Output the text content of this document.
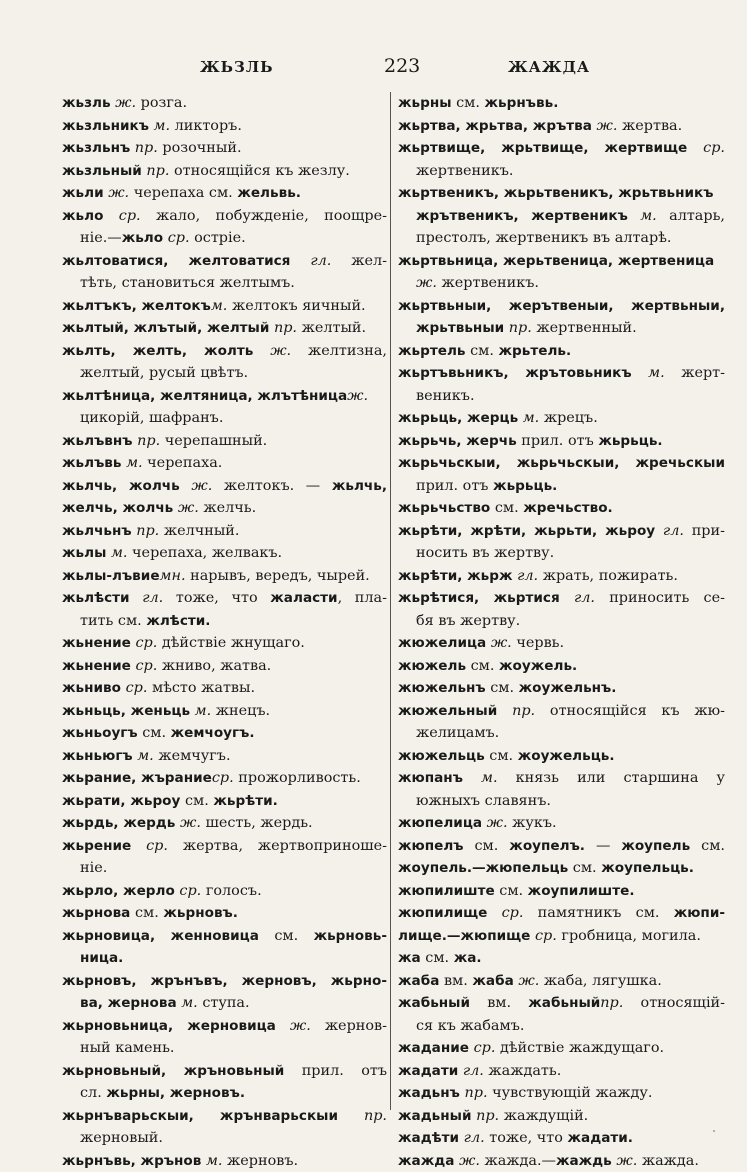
ЖЬЗЛЬ	223	ЖАЖДА
жьзль ж. розга.
жьзльникъ м. ликторъ.
жьзльнъ пр. розочный.
жьзльный пр. относящійся къ жезлу.
жьли ж. черепаха см. жельвь.
жьло ср. жало, побужденіе, поощре-
ніе.—жьло ср. остріе.
жьлтоватися, желтоватися гл. жел-
тѣть, становиться желтымъ.
жьлтъкъ, желтокъм. желтокъ яичный.
жьлтый, жлътый, желтый пр. желтый.
жьлть, желть, жолть ж. желтизна,
желтый, русый цвѣтъ.
жьлтѣница, желтяница, жлътѣницаж.
цикорій, шафранъ.
жьлъвнъ пр. черепашный.
жьлъвь м. черепаха.
жьлчь, жолчь ж. желтокъ. — жьлчь,
желчь, жолчь ж. желчь.
жьлчьнъ пр. желчный.
жьлы м. черепаха, желвакъ.
жьлы-лъвиемн. нарывъ, вередъ, чырей.
жьлѣсти гл. тоже, что жаласти, пла-
тить см. жлѣсти.
жьнение ср. дѣйствіе жнущаго.
жьнение ср. жниво, жатва.
жьниво ср. мѣсто жатвы.
жьньць, женьць м. жнецъ.
жьньоугъ см. жемчоугъ.
жьньюгъ м. жемчугъ.
жьрание, жъраниеср. прожорливость.
жьрати, жьроу см. жьрѣти.
жьрдь, жердь ж. шесть, жердь.
жьрение ср. жертва, жертвоприноше-
ніе.
жьрло, жерло ср. голосъ.
жьрнова см. жьрновъ.
жьрновица, женновица см. жьрновь-
ница.
жьрновъ, жрънъвъ, жерновъ, жьрно-
ва, жернова м. ступа.
жьрновьница, жерновица ж. жернов-
ный камень.
жьрновьный, жръновьный прил. отъ
сл. жьрны, жерновъ.
жьрнъварьскыи, жрънварьскыи пр.
жерновый.
жьрнъвь, жрънов м. жерновъ.
жьрны см. жьрнъвь.
жьртва, жрьтва, жрътва ж. жертва.
жьртвище, жрьтвище, жертвище ср.
жертвеникъ.
жьртвеникъ, жьрьтвеникъ, жрьтвьникъ
жрътвеникъ, жертвеникъ м. алтарь,
престолъ, жертвеникъ въ алтарѣ.
жьртвьница, жерьтвеница, жертвеница
ж. жертвеникъ.
жьртвьныи, жерътвеныи, жертвьныи,
жрьтвьныи пр. жертвенный.
жьртель см. жрьтель.
жьртъвьникъ, жрътовьникъ м. жерт-
веникъ.
жьрьць, жерць м. жрецъ.
жьрьчь, жерчь прил. отъ жьрьць.
жьрьчьскыи, жьрьчьскыи, жречьскыи
прил. отъ жьрьць.
жьрьчьство см. жречьство.
жьрѣти, жрѣти, жьрьти, жьроу гл. при-
носить въ жертву.
жьрѣти, жьрж гл. жрать, пожирать.
жьрѣтися, жьртися гл. приносить се-
бя въ жертву.
жюжелица ж. червь.
жюжель см. жоужель.
жюжельнъ см. жоужельнъ.
жюжельный пр. относящійся къ жю-
желицамъ.
жюжельць см. жоужельць.
жюпанъ м. князь или старшина у
южныхъ славянъ.
жюпелица ж. жукъ.
жюпелъ см. жоупелъ. — жоупель см.
жоупель.—жюпельць см. жоупельць.
жюпилиште см. жоупилиште.
жюпилище ср. памятникъ см. жюпи-
лище.—жюпище ср. гробница, могила.
жа см. жа.
жаба вм. жаба ж. жаба, лягушка.
жабьный вм. жабьныйпр. относящій-
ся къ жабамъ.
жадание ср. дѣйствіе жаждущаго.
жадати гл. жаждать.
жадьнъ пр. чувствующій жажду.
жадьный пр. жаждущій.
жадѣти гл. тоже, что жадати.
жажда ж. жажда.—жаждь ж. жажда.
